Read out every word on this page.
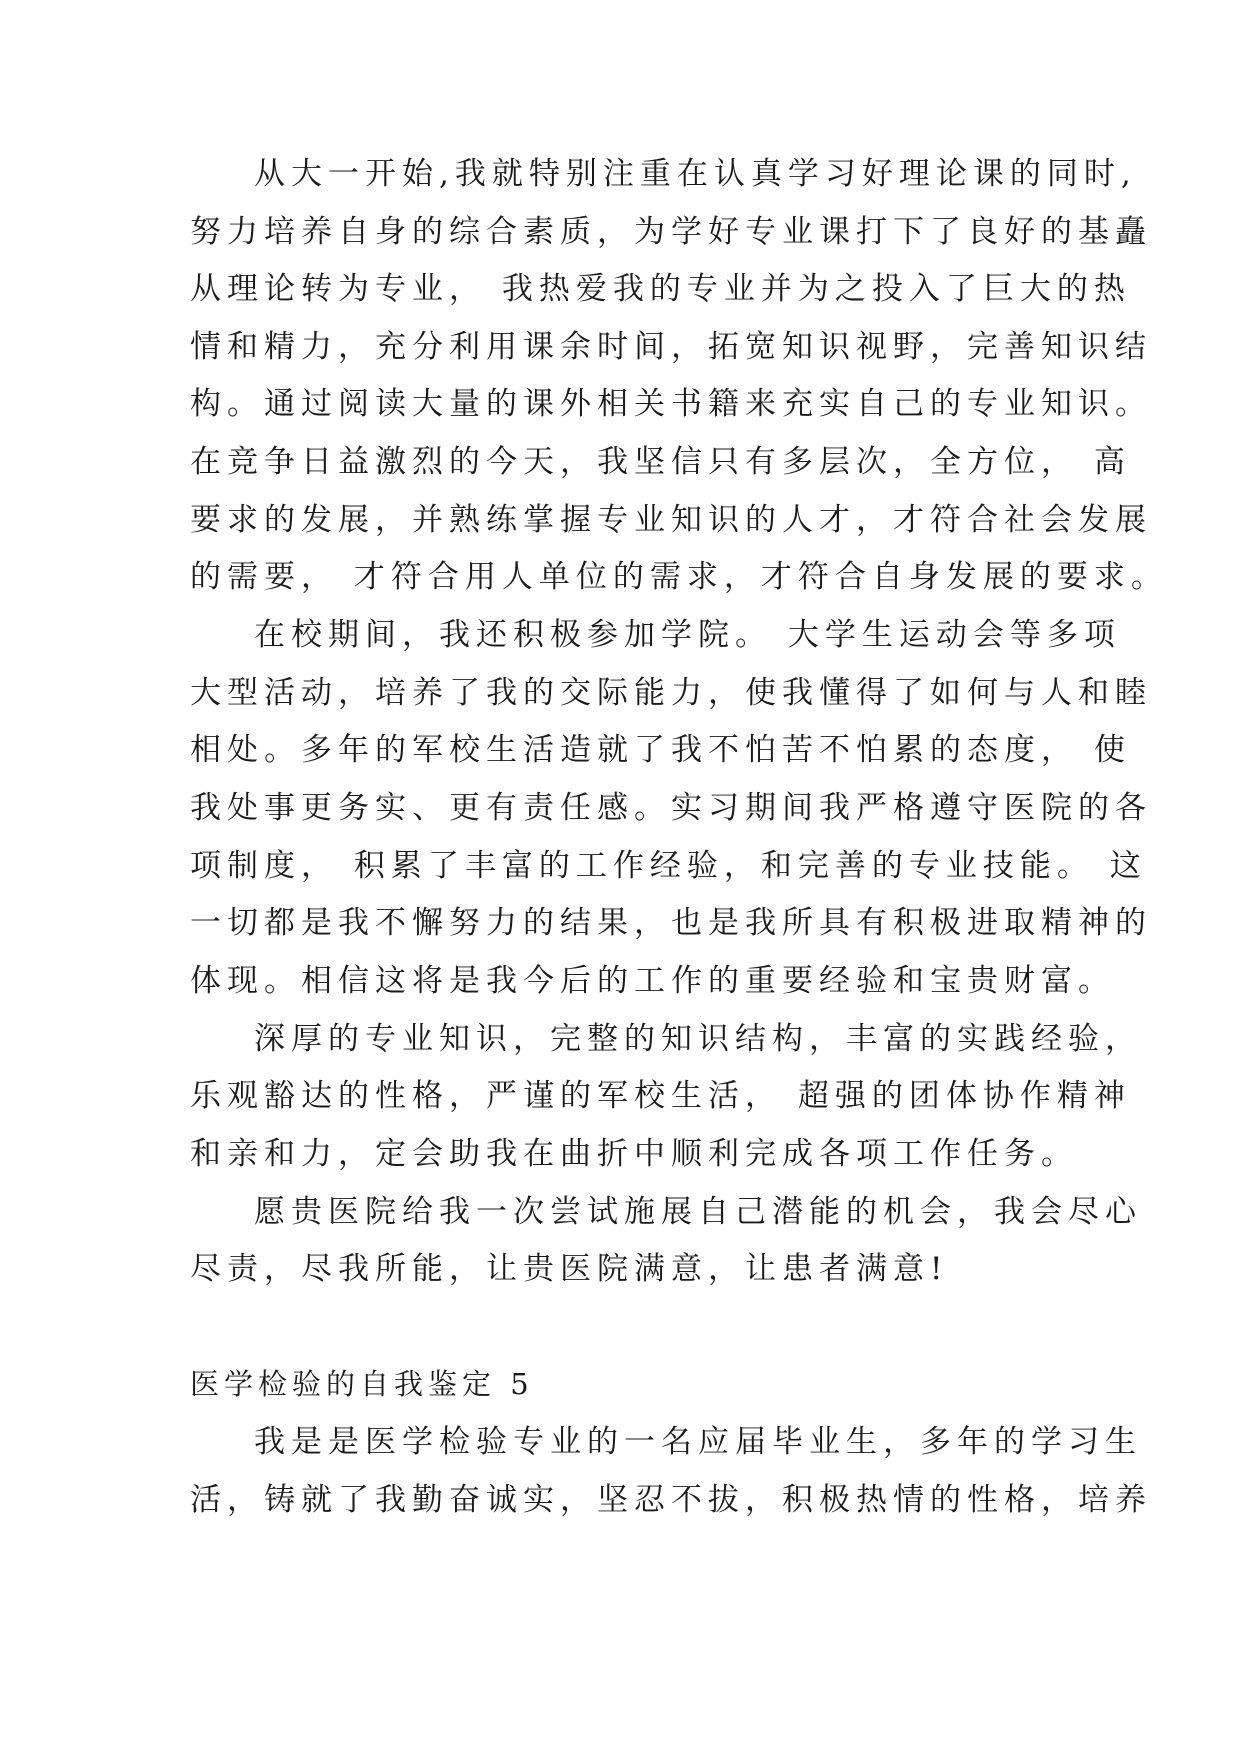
从大一开始,我就特别注重在认真学习好理论课的同时,
努力培养自身的综合素质，为学好专业课打下了良好的基矗
从理论转为专业， 我热爱我的专业并为之投入了巨大的热
情和精力，充分利用课余时间，拓宽知识视野，完善知识结
构。通过阅读大量的课外相关书籍来充实自己的专业知识。
在竞争日益激烈的今天，我坚信只有多层次，全方位， 高
要求的发展，并熟练掌握专业知识的人才，才符合社会发展
的需要， 才符合用人单位的需求，才符合自身发展的要求。
在校期间，我还积极参加学院。 大学生运动会等多项
大型活动，培养了我的交际能力，使我懂得了如何与人和睦
相处。多年的军校生活造就了我不怕苦不怕累的态度， 使
我处事更务实、更有责任感。实习期间我严格遵守医院的各
项制度， 积累了丰富的工作经验，和完善的专业技能。 这
一切都是我不懈努力的结果，也是我所具有积极进取精神的
体现。相信这将是我今后的工作的重要经验和宝贵财富。
深厚的专业知识，完整的知识结构，丰富的实践经验，
乐观豁达的性格，严谨的军校生活， 超强的团体协作精神
和亲和力，定会助我在曲折中顺利完成各项工作任务。
愿贵医院给我一次尝试施展自己潜能的机会，我会尽心
尽责，尽我所能，让贵医院满意，让患者满意!
医学检验的自我鉴定 5
我是是医学检验专业的一名应届毕业生，多年的学习生
活，铸就了我勤奋诚实，坚忍不拔，积极热情的性格，培养
